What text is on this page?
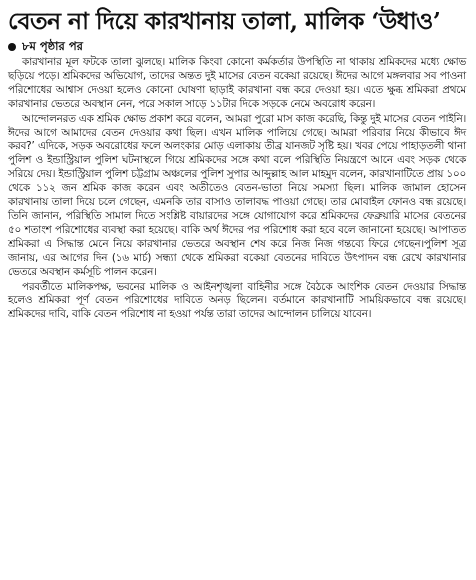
বেতন না দিয়ে কারখানায় তালা, মালিক ‘উধাও’
৮ম পৃষ্ঠার পর

কারখানার মূল ফটকে তালা ঝুলছে। মালিক কিংবা কোনো কর্মকর্তার উপস্থিতি না থাকায় শ্রমিকদের মধ্যে ক্ষোভ ছড়িয়ে পড়ে। শ্রমিকদের অভিযোগ, তাদের অন্তত দুই মাসের বেতন বকেয়া রয়েছে। ঈদের আগে মঙ্গলবার সব পাওনা পরিশোধের আশ্বাস দেওয়া হলেও কোনো ঘোষণা ছাড়াই কারখানা বন্ধ করে দেওয়া হয়। এতে ক্ষুব্ধ শ্রমিকরা প্রথমে কারখানার ভেতরে অবস্থান নেন, পরে সকাল সাড়ে ১১টার দিকে সড়কে নেমে অবরোধ করেন।

আন্দোলনরত এক শ্রমিক ক্ষোভ প্রকাশ করে বলেন, আমরা পুরো মাস কাজ করেছি, কিন্তু দুই মাসের বেতন পাইনি। ঈদের আগে আমাদের বেতন দেওয়ার কথা ছিল। এখন মালিক পালিয়ে গেছে। আমরা পরিবার নিয়ে কীভাবে ঈদ করব?’ এদিকে, সড়ক অবরোধের ফলে অলংকার মোড় এলাকায় তীব্র যানজট সৃষ্টি হয়। খবর পেয়ে পাহাড়তলী থানা পুলিশ ও ইন্ডাস্ট্রিয়াল পুলিশ ঘটনাস্থলে গিয়ে শ্রমিকদের সঙ্গে কথা বলে পরিস্থিতি নিয়ন্ত্রণে আনে এবং সড়ক থেকে সরিয়ে দেয়। ইন্ডাস্ট্রিয়াল পুলিশ চট্টগ্রাম অঞ্চলের পুলিশ সুপার আব্দুল্লাহ আল মাহমুদ বলেন, কারখানাটিতে প্রায় ১০০ থেকে ১১২ জন শ্রমিক কাজ করেন এবং অতীতেও বেতন-ভাতা নিয়ে সমস্যা ছিল। মালিক জামাল হোসেন কারখানায় তালা দিয়ে চলে গেছেন, এমনকি তার বাসাও তালাবদ্ধ পাওয়া গেছে। তার মোবাইল ফোনও বন্ধ রয়েছে। তিনি জানান, পরিস্থিতি সামাল দিতে সংশ্লিষ্ট বায়ারদের সঙ্গে যোগাযোগ করে শ্রমিকদের ফেব্রুয়ারি মাসের বেতনের ৫০ শতাংশ পরিশোধের ব্যবস্থা করা হয়েছে। বাকি অর্থ ঈদের পর পরিশোধ করা হবে বলে জানানো হয়েছে। আপাতত শ্রমিকরা এ সিদ্ধান্ত মেনে নিয়ে কারখানার ভেতরে অবস্থান শেষ করে নিজ নিজ গন্তব্যে ফিরে গেছেন।পুলিশ সূত্র জানায়, এর আগের দিন (১৬ মার্চ) সন্ধ্যা থেকে শ্রমিকরা বকেয়া বেতনের দাবিতে উৎপাদন বন্ধ রেখে কারখানার ভেতরে অবস্থান কর্মসূচি পালন করেন।

পরবর্তীতে মালিকপক্ষ, ভবনের মালিক ও আইনশৃঙ্খলা বাহিনীর সঙ্গে বৈঠকে আংশিক বেতন দেওয়ার সিদ্ধান্ত হলেও শ্রমিকরা পূর্ণ বেতন পরিশোধের দাবিতে অনড় ছিলেন। বর্তমানে কারখানাটি সাময়িকভাবে বন্ধ রয়েছে। শ্রমিকদের দাবি, বাকি বেতন পরিশোধ না হওয়া পর্যন্ত তারা তাদের আন্দোলন চালিয়ে যাবেন।
